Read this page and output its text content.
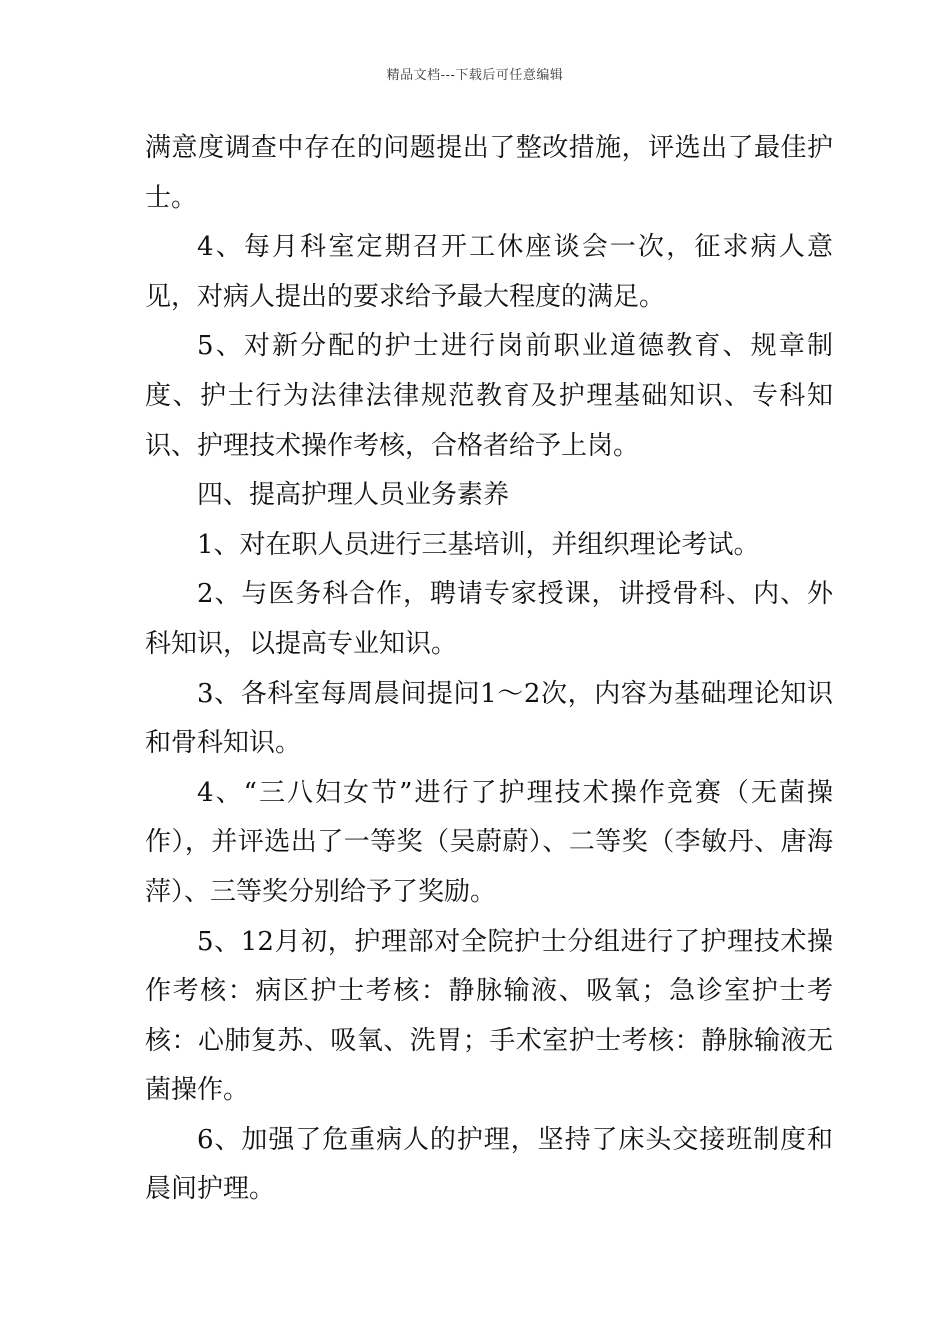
精品文档---下载后可任意编辑

满意度调查中存在的问题提出了整改措施，评选出了最佳护士。

4、每月科室定期召开工休座谈会一次，征求病人意见，对病人提出的要求给予最大程度的满足。

5、对新分配的护士进行岗前职业道德教育、规章制度、护士行为法律法律规范教育及护理基础知识、专科知识、护理技术操作考核，合格者给予上岗。

四、提高护理人员业务素养

1、对在职人员进行三基培训，并组织理论考试。

2、与医务科合作，聘请专家授课，讲授骨科、内、外科知识，以提高专业知识。

3、各科室每周晨间提问1～2次，内容为基础理论知识和骨科知识。

4、“三八妇女节”进行了护理技术操作竞赛（无菌操作），并评选出了一等奖（吴蔚蔚）、二等奖（李敏丹、唐海萍）、三等奖分别给予了奖励。

5、12月初，护理部对全院护士分组进行了护理技术操作考核：病区护士考核：静脉输液、吸氧；急诊室护士考核：心肺复苏、吸氧、洗胃；手术室护士考核：静脉输液无菌操作。

6、加强了危重病人的护理，坚持了床头交接班制度和晨间护理。
